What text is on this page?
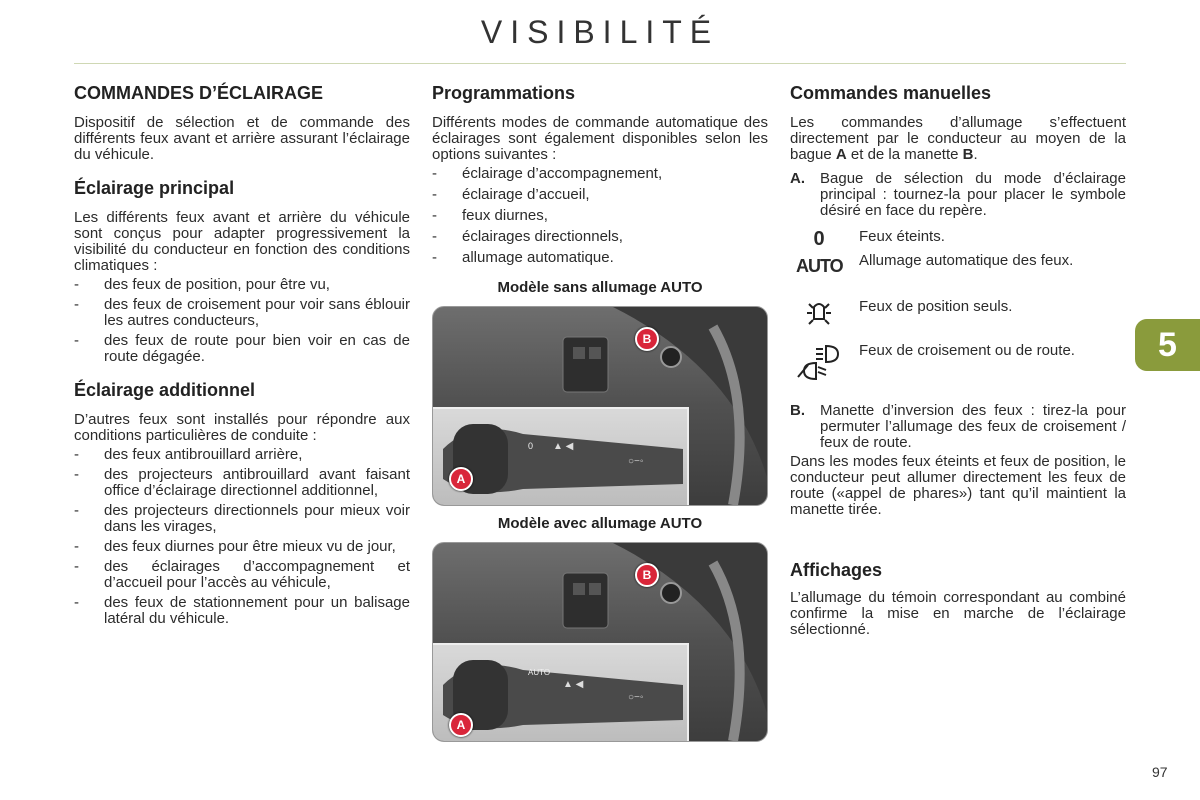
VISIBILITÉ
COMMANDES D’ÉCLAIRAGE

Dispositif de sélection et de commande des différents feux avant et arrière assurant l’éclairage du véhicule.

Éclairage principal

Les différents feux avant et arrière du véhicule sont conçus pour adapter progressivement la visibilité du conducteur en fonction des conditions climatiques :

- des feux de position, pour être vu,
- des feux de croisement pour voir sans éblouir les autres conducteurs,
- des feux de route pour bien voir en cas de route dégagée.
Éclairage additionnel

D’autres feux sont installés pour répondre aux conditions particulières de conduite :

- des feux antibrouillard arrière,
- des projecteurs antibrouillard avant faisant office d’éclairage directionnel additionnel,
- des projecteurs directionnels pour mieux voir dans les virages,
- des feux diurnes pour être mieux vu de jour,
- des éclairages d’accompagnement et d’accueil pour l’accès au véhicule,
- des feux de stationnement pour un balisage latéral du véhicule.
Programmations

Différents modes de commande automatique des éclairages sont également disponibles selon les options suivantes :

- éclairage d’accompagnement,
- éclairage d’accueil,
- feux diurnes,
- éclairages directionnels,
- allumage automatique.
Modèle sans allumage AUTO
B
0 ▲ ◀
○−◦
A
Modèle avec allumage AUTO
B
AUTO
▲ ◀
○−◦
A
Commandes manuelles

Les commandes d’allumage s’effectuent directement par le conducteur au moyen de la bague A et de la manette B.

A. Bague de sélection du mode d’éclairage principal : tournez-la pour placer le symbole désiré en face du repère.
0	Feux éteints.
AUTO Allumage automatique des feux.
Feux de position seuls.
Feux de croisement ou de route.
B. Manette d’inversion des feux : tirez-la pour permuter l’allumage des feux de croisement / feux de route.

Dans les modes feux éteints et feux de position, le conducteur peut allumer directement les feux de route («appel de phares») tant qu’il maintient la manette tirée.

Affichages

L’allumage du témoin correspondant au combiné confirme la mise en marche de l’éclairage sélectionné.

5
97
